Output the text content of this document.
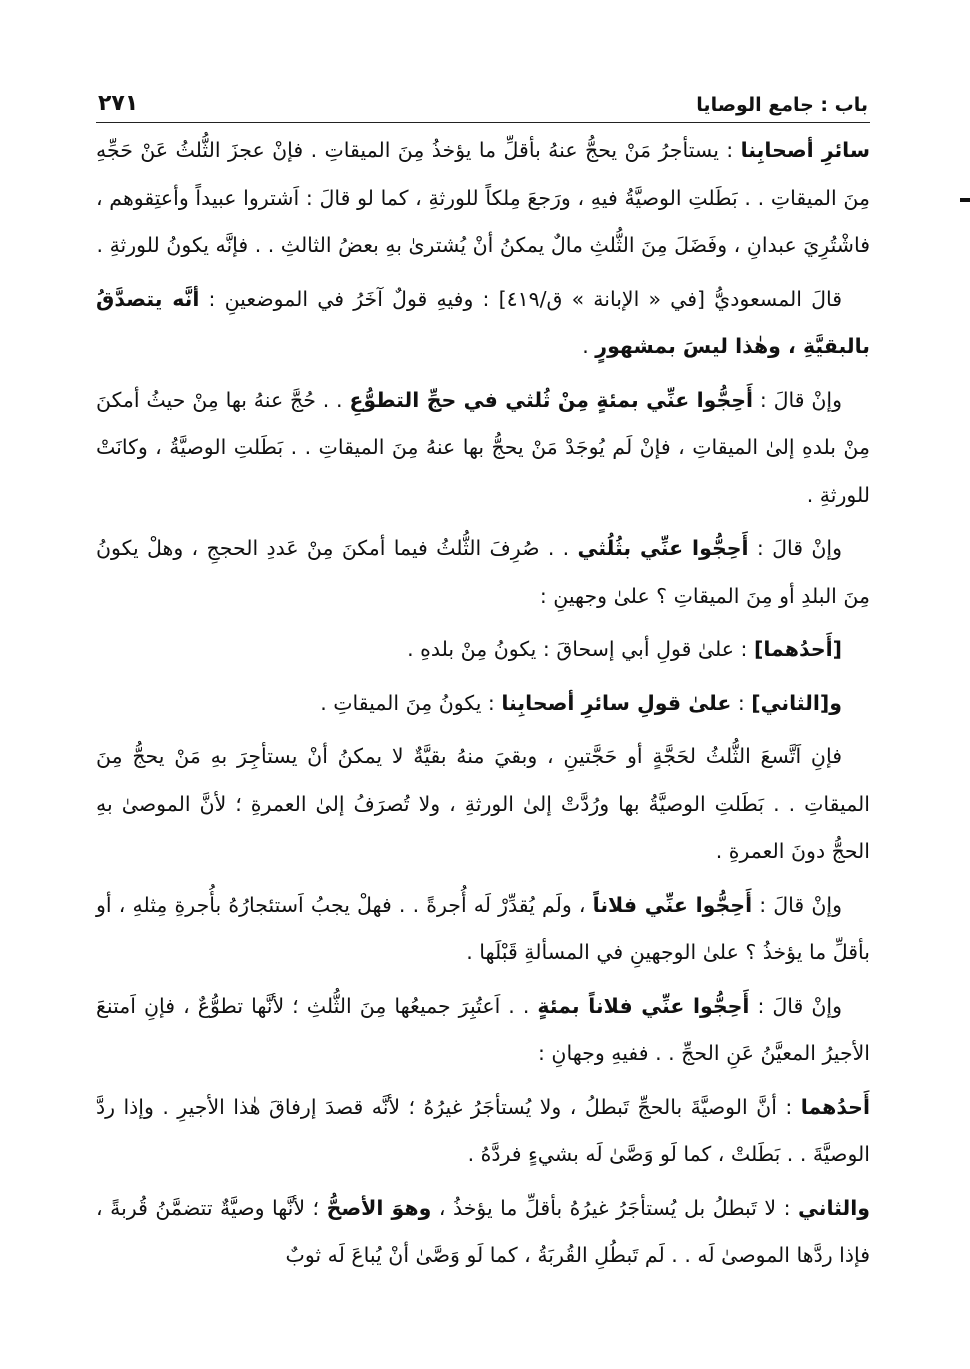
باب : جامع الوصايا
٢٧١

سائرِ أصحابِنا : يستأجرُ مَنْ يحجُّ عنهُ بأقلِّ ما يؤخذُ مِنَ الميقاتِ . فإنْ عجزَ الثُّلثُ عَنْ حَجِّهِ مِنَ الميقاتِ . . بَطَلتِ الوصيَّةُ فيهِ ، ورَجعَ مِلكاً للورثةِ ، كما لو قالَ : اَشتروا عبيداً وأعتِقوهم ، فاشْتُرِيَ عبدانِ ، وفَضَلَ مِنَ الثُّلثِ مالٌ يمكنُ أنْ يُشترىٰ بهِ بعضُ الثالثِ . . فإنَّه يكونُ للورثةِ .

قالَ المسعوديُّ [في « الإبانة » ق/٤١٩] : وفيهِ قولٌ آخَرُ في الموضعينِ : أنَّه يتصدَّقُ بالبقيَّةِ ، وهٰذا ليسَ بمشهورٍ .

وإنْ قالَ : أَحِجُّوا عنِّي بمئةٍ مِنْ ثُلثي في حجِّ التطوُّعِ . . حُجَّ عنهُ بها مِنْ حيثُ أمكنَ مِنْ بلدهِ إلىٰ الميقاتِ ، فإنْ لَم يُوجَدْ مَنْ يحجُّ بها عنهُ مِنَ الميقاتِ . . بَطَلتِ الوصيَّةُ ، وكانَتْ للورثةِ .

وإنْ قالَ : أَحِجُّوا عنِّي بثُلُثي . . صُرِفَ الثُّلثُ فيما أمكنَ مِنْ عَددِ الحججِ ، وهلْ يكونُ مِنَ البلدِ أو مِنَ الميقاتِ ؟ علىٰ وجهينِ :

[أَحدُهما] : علىٰ قولِ أبي إسحاقَ : يكونُ مِنْ بلدهِ .

و[الثاني] : علىٰ قولِ سائرِ أصحابِنا : يكونُ مِنَ الميقاتِ .

فإنِ اَتَّسعَ الثُّلثُ لحَجَّةٍ أو حَجَّتينِ ، وبقيَ منهُ بقيَّةٌ لا يمكنُ أنْ يستأجِرَ بهِ مَنْ يحجُّ مِنَ الميقاتِ . . بَطَلتِ الوصيَّةُ بها ورُدَّتْ إلىٰ الورثةِ ، ولا تُصرَفُ إلىٰ العمرةِ ؛ لأنَّ الموصىٰ بهِ الحجُّ دونَ العمرةِ .

وإنْ قالَ : أَحِجُّوا عنِّي فلاناً ، ولَم يُقدِّرْ لَه أُجرةً . . فهلْ يجبُ اَستئجارُهُ بأُجرةِ مِثلهِ ، أو بأقلِّ ما يؤخذُ ؟ علىٰ الوجهينِ في المسألةِ قَبْلَها .

وإنْ قالَ : أَحِجُّوا عنِّي فلاناً بمئةٍ . . اَعتُبِرَ جميعُها مِنَ الثُّلثِ ؛ لأنَّها تطوُّعٌ ، فإنِ اَمتنعَ الأجيرُ المعيَّنُ عَنِ الحجِّ . . ففيهِ وجهانِ :

أَحدُهما : أنَّ الوصيَّةَ بالحجِّ تَبطلُ ، ولا يُستأجَرُ غيرُهُ ؛ لأنَّه قصدَ إرفاقَ هٰذا الأجيرِ . وإذا ردَّ الوصيَّةَ . . بَطَلتْ ، كما لَو وَصَّىٰ لَه بشيءٍ فردَّهُ .

والثاني : لا تَبطلُ بل يُستأجَرُ غيرُهُ بأقلِّ ما يؤخذُ ، وهوَ الأصحُّ ؛ لأنَّها وصيَّةٌ تتضمَّنُ قُربةً ، فإذا ردَّها الموصىٰ لَه . . لَم تَبطُلِ القُربَةُ ، كما لَو وَصَّىٰ أنْ يُباعَ لَه ثوبٌ
